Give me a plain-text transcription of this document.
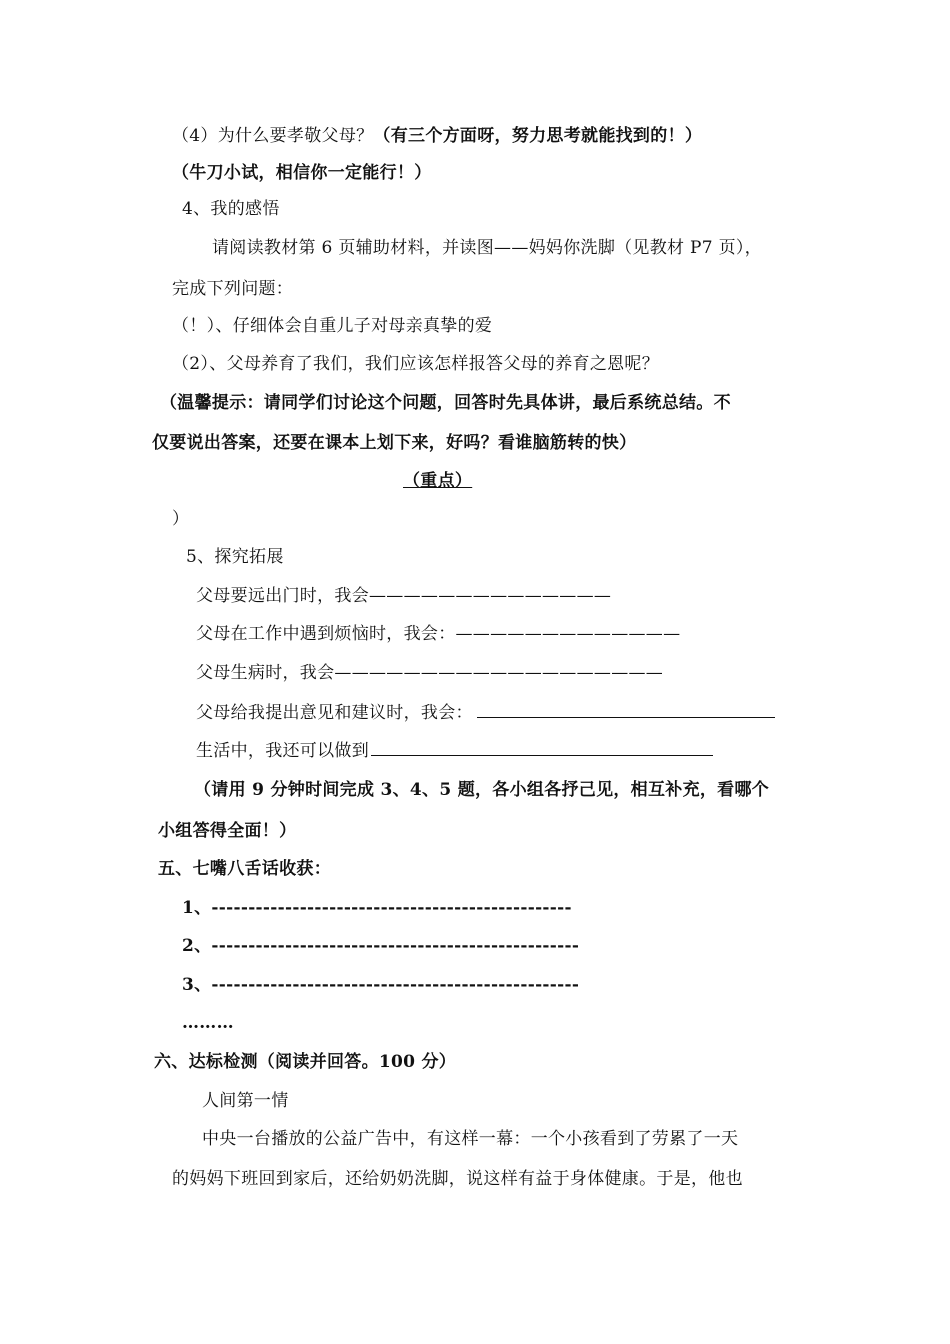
（4）为什么要孝敬父母？（有三个方面呀，努力思考就能找到的！）
（牛刀小试，相信你一定能行！）
4、我的感悟
请阅读教材第 6 页辅助材料，并读图——妈妈你洗脚（见教材 P7 页），
完成下列问题：
（！）、仔细体会自重儿子对母亲真挚的爱
（2）、父母养育了我们，我们应该怎样报答父母的养育之恩呢？
（温馨提示：请同学们讨论这个问题，回答时先具体讲，最后系统总结。不
仅要说出答案，还要在课本上划下来，好吗？看谁脑筋转的快）
（重点）
）
5、探究拓展
父母要远出门时，我会——————————————
父母在工作中遇到烦恼时，我会：—————————————
父母生病时，我会———————————————————
父母给我提出意见和建议时，我会：
生活中，我还可以做到
（请用 9 分钟时间完成 3、4、5 题，各小组各抒己见，相互补充，看哪个
小组答得全面！）
五、七嘴八舌话收获：
1、-------------------------------------------------
2、--------------------------------------------------
3、--------------------------------------------------
………
六、达标检测（阅读并回答。100 分）
人间第一情
中央一台播放的公益广告中，有这样一幕：一个小孩看到了劳累了一天
的妈妈下班回到家后，还给奶奶洗脚，说这样有益于身体健康。于是，他也
